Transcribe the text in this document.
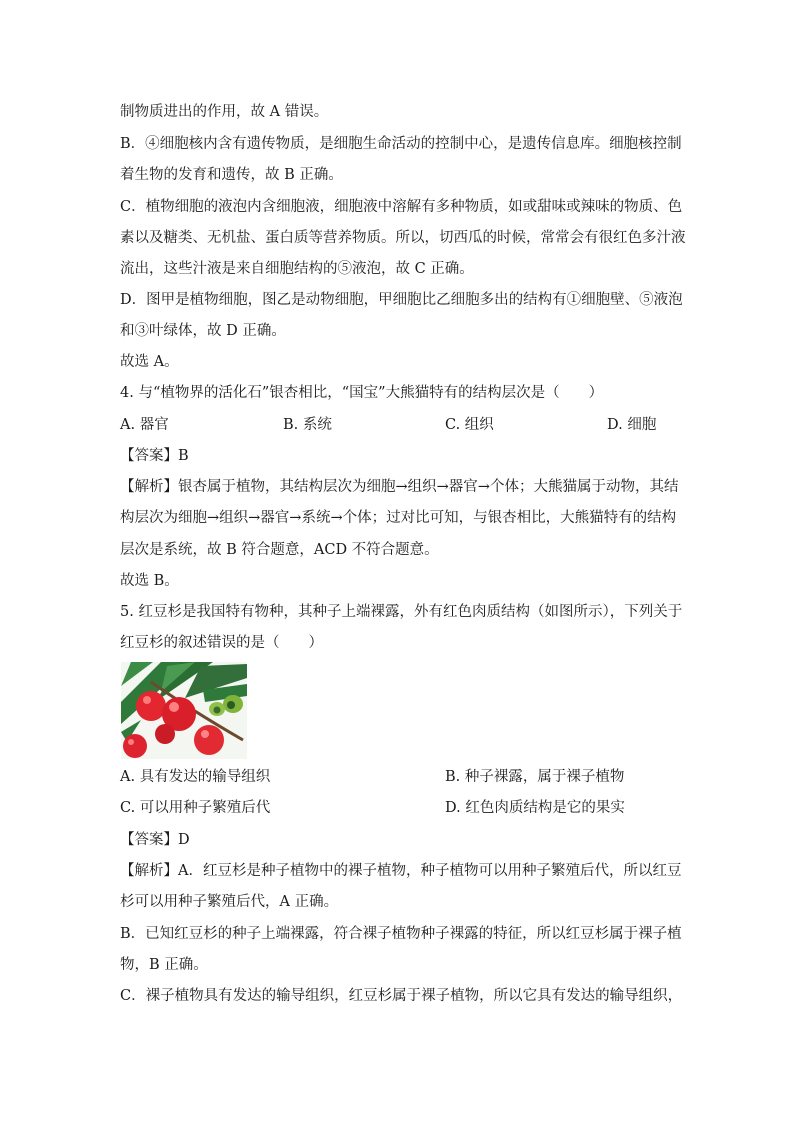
制物质进出的作用，故 A 错误。
B．④细胞核内含有遗传物质，是细胞生命活动的控制中心，是遗传信息库。细胞核控制
着生物的发育和遗传，故 B 正确。
C．植物细胞的液泡内含细胞液，细胞液中溶解有多种物质，如或甜味或辣味的物质、色
素以及糖类、无机盐、蛋白质等营养物质。所以，切西瓜的时候，常常会有很红色多汁液
流出，这些汁液是来自细胞结构的⑤液泡，故 C 正确。
D．图甲是植物细胞，图乙是动物细胞，甲细胞比乙细胞多出的结构有①细胞壁、⑤液泡
和③叶绿体，故 D 正确。
故选 A。
4. 与“植物界的活化石”银杏相比，“国宝”大熊猫特有的结构层次是（　　）
A. 器官	B. 系统	C. 组织	D. 细胞
【答案】B
【解析】银杏属于植物，其结构层次为细胞→组织→器官→个体；大熊猫属于动物，其结
构层次为细胞→组织→器官→系统→个体；过对比可知，与银杏相比，大熊猫特有的结构
层次是系统，故 B 符合题意，ACD 不符合题意。
故选 B。
5. 红豆杉是我国特有物种，其种子上端裸露，外有红色肉质结构（如图所示），下列关于
红豆杉的叙述错误的是（　　）
A. 具有发达的输导组织	B. 种子裸露，属于裸子植物
C. 可以用种子繁殖后代	D. 红色肉质结构是它的果实
【答案】D
【解析】A．红豆杉是种子植物中的裸子植物，种子植物可以用种子繁殖后代，所以红豆
杉可以用种子繁殖后代，A 正确。
B．已知红豆杉的种子上端裸露，符合裸子植物种子裸露的特征，所以红豆杉属于裸子植
物，B 正确。
C．裸子植物具有发达的输导组织，红豆杉属于裸子植物，所以它具有发达的输导组织，
